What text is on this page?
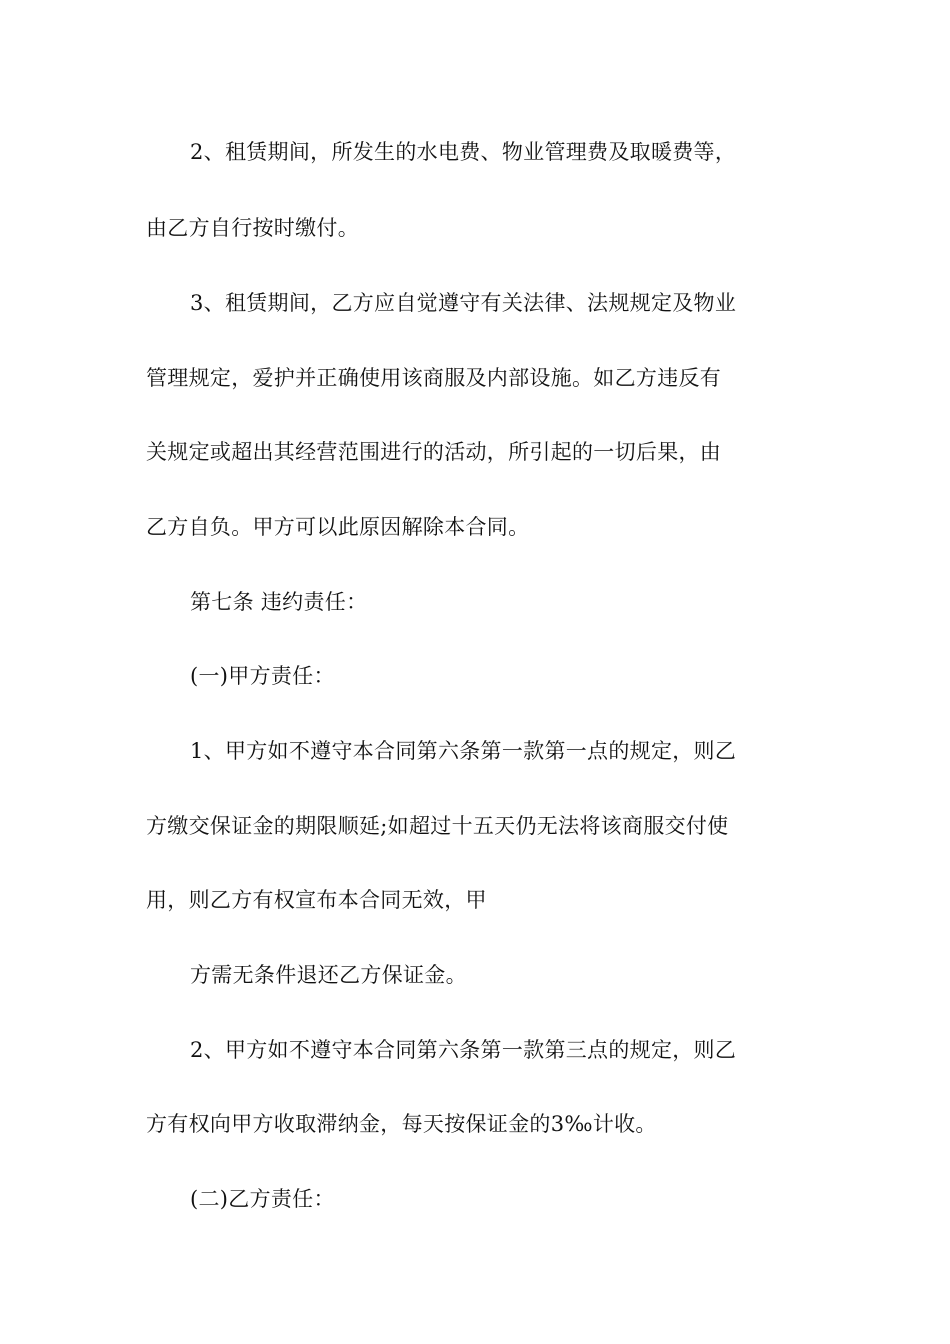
2、租赁期间，所发生的水电费、物业管理费及取暖费等，
由乙方自行按时缴付。
3、租赁期间，乙方应自觉遵守有关法律、法规规定及物业
管理规定，爱护并正确使用该商服及内部设施。如乙方违反有
关规定或超出其经营范围进行的活动，所引起的一切后果，由
乙方自负。甲方可以此原因解除本合同。
第七条 违约责任：
(一)甲方责任：
1、甲方如不遵守本合同第六条第一款第一点的规定，则乙
方缴交保证金的期限顺延;如超过十五天仍无法将该商服交付使
用，则乙方有权宣布本合同无效，甲
方需无条件退还乙方保证金。
2、甲方如不遵守本合同第六条第一款第三点的规定，则乙
方有权向甲方收取滞纳金，每天按保证金的3‰计收。
(二)乙方责任：
